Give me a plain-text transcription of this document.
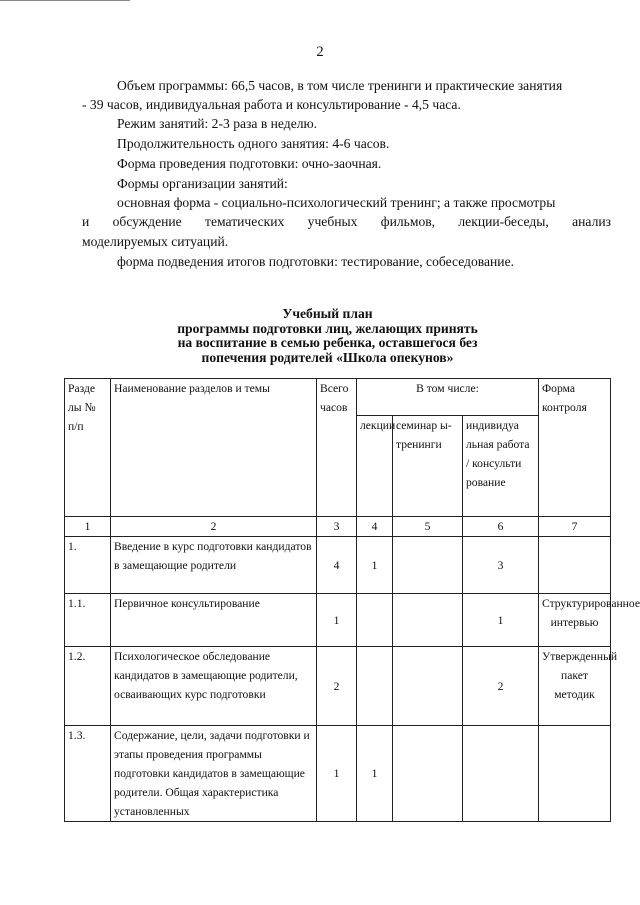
2
Объем программы: 66,5 часов, в том числе тренинги и практические занятия
- 39 часов, индивидуальная работа и консультирование - 4,5 часа.
Режим занятий: 2-3 раза в неделю.
Продолжительность одного занятия: 4-6 часов.
Форма проведения подготовки: очно-заочная.
Формы организации занятий:
основная форма - социально-психологический тренинг; а также просмотры
и обсуждение тематических учебных фильмов, лекции-беседы, анализ
моделируемых ситуаций.
форма подведения итогов подготовки: тестирование, собеседование.
Учебный план
программы подготовки лиц, желающих принять
на воспитание в семью ребенка, оставшегося без
попечения родителей «Школа опекунов»
Разде лы № п/п	Наименование разделов и темы	Всего часов	В том числе:			Форма контроля
			лекции	семинар ы- тренинги	индивидуа льная работа / консульти рование	
1	2	3	4	5	6	7
1.	Введение в курс подготовки кандидатов в замещающие родители	4	1		3	
1.1.	Первичное консультирование	1			1	Структурированное интервью
1.2.	Психологическое обследование кандидатов в замещающие родители, осваивающих курс подготовки	2			2	Утвержденный пакет методик
1.3.	Содержание, цели, задачи подготовки и этапы проведения программы подготовки кандидатов в замещающие родители. Общая характеристика установленных	1	1			
